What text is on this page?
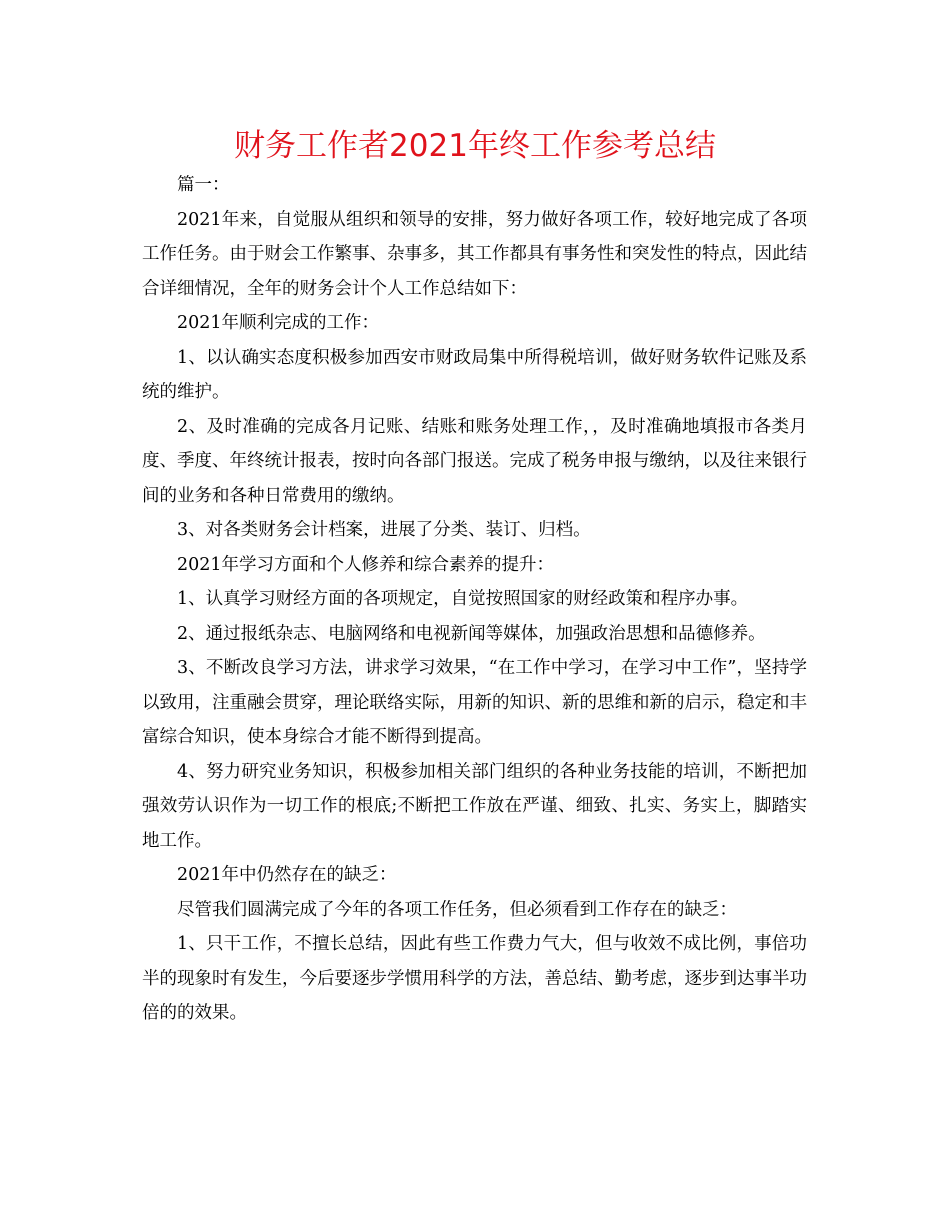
财务工作者2021年终工作参考总结

篇一：

2021年来，自觉服从组织和领导的安排，努力做好各项工作，较好地完成了各项工作任务。由于财会工作繁事、杂事多，其工作都具有事务性和突发性的特点，因此结合详细情况，全年的财务会计个人工作总结如下：

2021年顺利完成的工作：

1、以认确实态度积极参加西安市财政局集中所得税培训，做好财务软件记账及系统的维护。

2、及时准确的完成各月记账、结账和账务处理工作，，及时准确地填报市各类月度、季度、年终统计报表，按时向各部门报送。完成了税务申报与缴纳，以及往来银行间的业务和各种日常费用的缴纳。

3、对各类财务会计档案，进展了分类、装订、归档。

2021年学习方面和个人修养和综合素养的提升：

1、认真学习财经方面的各项规定，自觉按照国家的财经政策和程序办事。

2、通过报纸杂志、电脑网络和电视新闻等媒体，加强政治思想和品德修养。

3、不断改良学习方法，讲求学习效果，“在工作中学习，在学习中工作”，坚持学以致用，注重融会贯穿，理论联络实际，用新的知识、新的思维和新的启示，稳定和丰富综合知识，使本身综合才能不断得到提高。

4、努力研究业务知识，积极参加相关部门组织的各种业务技能的培训，不断把加强效劳认识作为一切工作的根底;不断把工作放在严谨、细致、扎实、务实上，脚踏实地工作。

2021年中仍然存在的缺乏：

尽管我们圆满完成了今年的各项工作任务，但必须看到工作存在的缺乏：

1、只干工作，不擅长总结，因此有些工作费力气大，但与收效不成比例，事倍功半的现象时有发生，今后要逐步学惯用科学的方法，善总结、勤考虑，逐步到达事半功倍的的效果。
